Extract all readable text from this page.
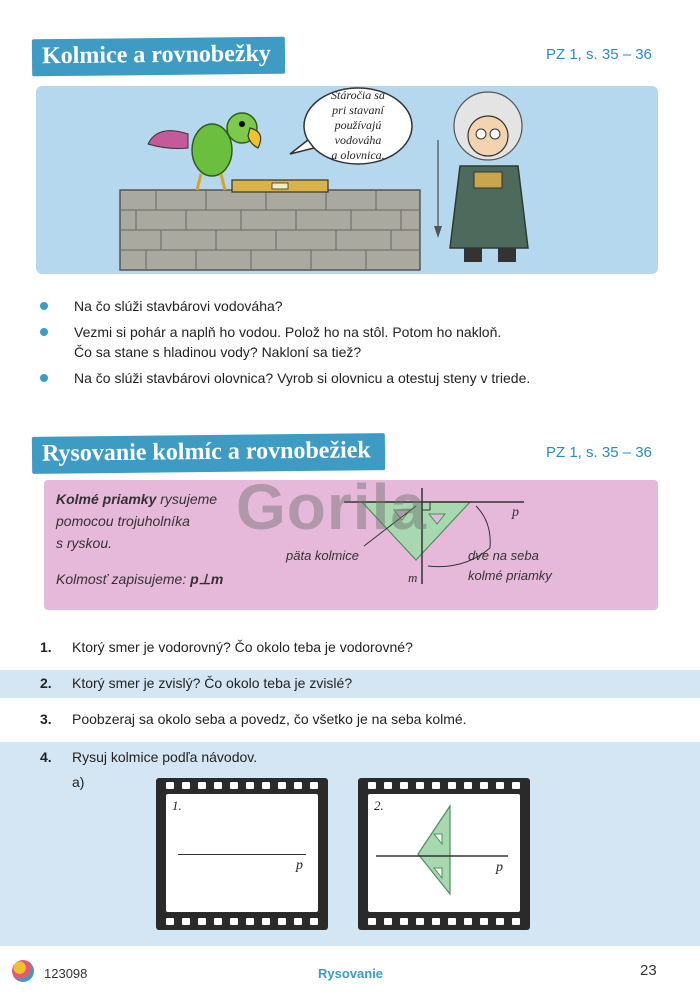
Kolmice a rovnobežky	PZ 1, s. 35 – 36
Stáročia sa
pri stavaní
používajú
vodováha
a olovnica.
Na čo slúži stavbárovi vodováha?
Vezmi si pohár a naplň ho vodou. Polož ho na stôl. Potom ho nakloň.
Čo sa stane s hladinou vody? Nakloní sa tiež?
Na čo slúži stavbárovi olovnica? Vyrob si olovnicu a otestuj steny v triede.
Rysovanie kolmíc a rovnobežiek	PZ 1, s. 35 – 36
Kolmé priamky rysujeme
pomocou trojuholníka
s ryskou.
Kolmosť zapisujeme: p⊥m
p
m
päta kolmice	dve na seba
kolmé priamky
Gorila
1. Ktorý smer je vodorovný? Čo okolo teba je vodorovné?
2. Ktorý smer je zvislý? Čo okolo teba je zvislé?
3. Poobzeraj sa okolo seba a povedz, čo všetko je na seba kolmé.
4. Rysuj kolmice podľa návodov.
a)
1.
p
2.
p
123098	Rysovanie	23
